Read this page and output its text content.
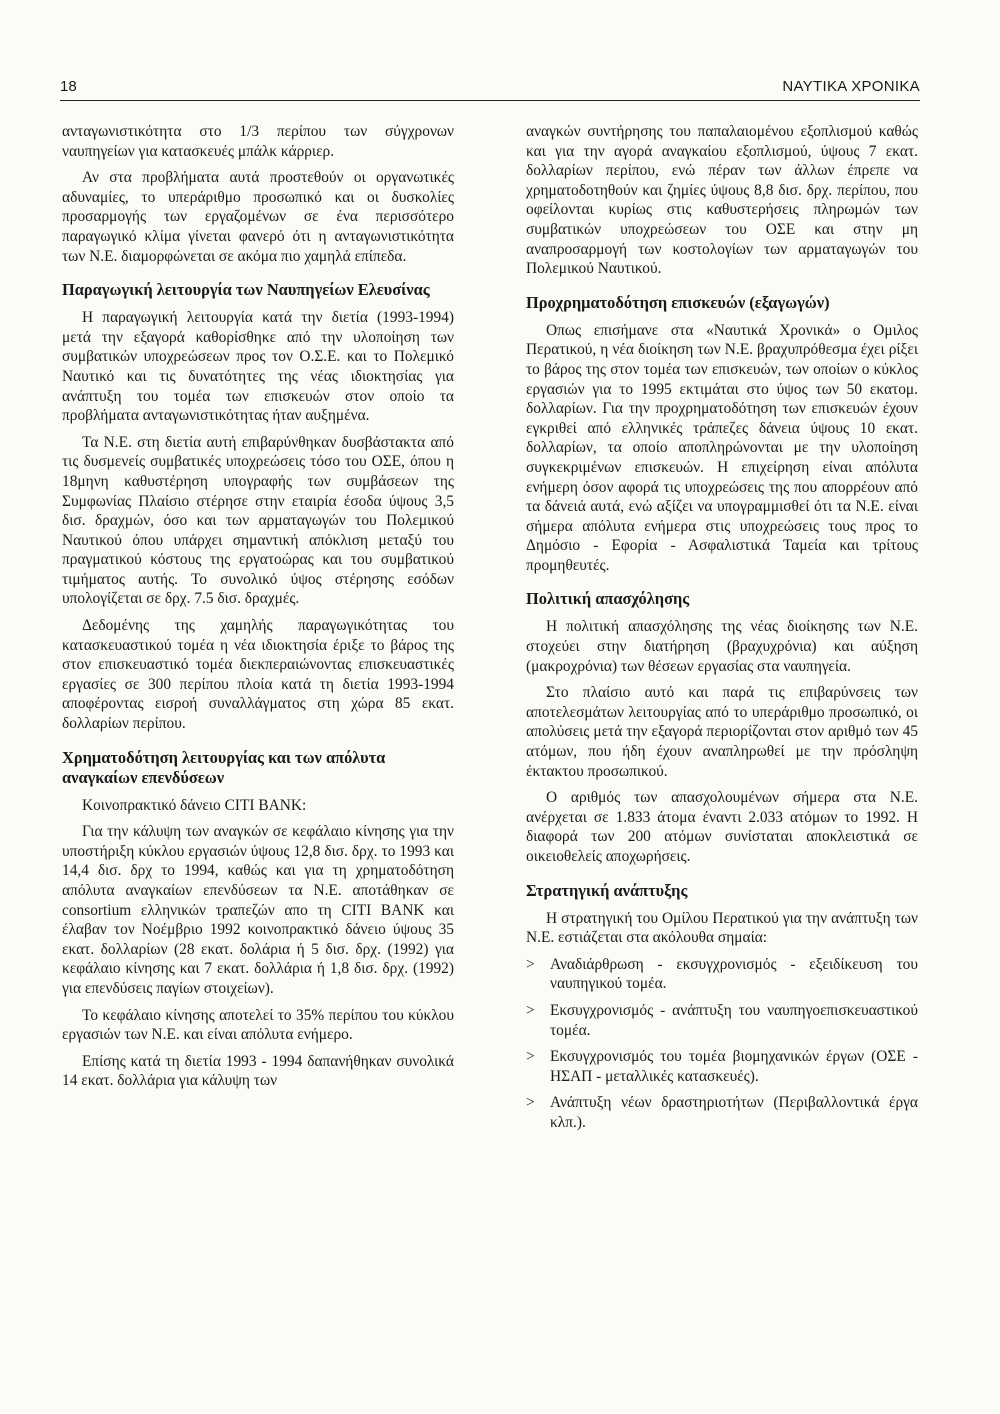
18	ΝΑΥΤΙΚΑ ΧΡΟΝΙΚΑ

ανταγωνιστικότητα στο 1/3 περίπου των σύγχρονων ναυπηγείων για κατασκευές μπάλκ κάρριερ.

Αν στα προβλήματα αυτά προστεθούν οι οργανωτικές αδυναμίες, το υπεράριθμο προσωπικό και οι δυσκολίες προσαρμογής των εργαζομένων σε ένα περισσότερο παραγωγικό κλίμα γίνεται φανερό ότι η ανταγωνιστικότητα των Ν.Ε. διαμορφώνεται σε ακόμα πιο χαμηλά επίπεδα.

Παραγωγική λειτουργία των Ναυπηγείων Ελευσίνας

Η παραγωγική λειτουργία κατά την διετία (1993-1994) μετά την εξαγορά καθορίσθηκε από την υλοποίηση των συμβατικών υποχρεώσεων προς τον Ο.Σ.Ε. και το Πολεμικό Ναυτικό και τις δυνατότητες της νέας ιδιοκτησίας για ανάπτυξη του τομέα των επισκευών στον οποίο τα προβλήματα ανταγωνιστικότητας ήταν αυξημένα.

Τα Ν.Ε. στη διετία αυτή επιβαρύνθηκαν δυσβάστακτα από τις δυσμενείς συμβατικές υποχρεώσεις τόσο του ΟΣΕ, όπου η 18μηνη καθυστέρηση υπογραφής των συμβάσεων της Συμφωνίας Πλαίσιο στέρησε στην εταιρία έσοδα ύψους 3,5 δισ. δραχμών, όσο και των αρματαγωγών του Πολεμικού Ναυτικού όπου υπάρχει σημαντική απόκλιση μεταξύ του πραγματικού κόστους της εργατοώρας και του συμβατικού τιμήματος αυτής. Το συνολικό ύψος στέρησης εσόδων υπολογίζεται σε δρχ. 7.5 δισ. δραχμές.

Δεδομένης της χαμηλής παραγωγικότητας του κατασκευαστικού τομέα η νέα ιδιοκτησία έριξε το βάρος της στον επισκευαστικό τομέα διεκπεραιώνοντας επισκευαστικές εργασίες σε 300 περίπου πλοία κατά τη διετία 1993-1994 αποφέροντας εισροή συναλλάγματος στη χώρα 85 εκατ. δολλαρίων περίπου.

Χρηματοδότηση λειτουργίας και των απόλυτα αναγκαίων επενδύσεων

Κοινοπρακτικό δάνειο CITI BANK:

Για την κάλυψη των αναγκών σε κεφάλαιο κίνησης για την υποστήριξη κύκλου εργασιών ύψους 12,8 δισ. δρχ. το 1993 και 14,4 δισ. δρχ το 1994, καθώς και για τη χρηματοδότηση απόλυτα αναγκαίων επενδύσεων τα Ν.Ε. αποτάθηκαν σε consortium ελληνικών τραπεζών απο τη CITI BANK και έλαβαν τον Νοέμβριο 1992 κοινοπρακτικό δάνειο ύψους 35 εκατ. δολλαρίων (28 εκατ. δολάρια ή 5 δισ. δρχ. (1992) για κεφάλαιο κίνησης και 7 εκατ. δολλάρια ή 1,8 δισ. δρχ. (1992) για επενδύσεις παγίων στοιχείων).

Το κεφάλαιο κίνησης αποτελεί το 35% περίπου του κύκλου εργασιών των Ν.Ε. και είναι απόλυτα ενήμερο.

Επίσης κατά τη διετία 1993 - 1994 δαπανήθηκαν συνολικά 14 εκατ. δολλάρια για κάλυψη των

αναγκών συντήρησης του παπαλαιομένου εξοπλισμού καθώς και για την αγορά αναγκαίου εξοπλισμού, ύψους 7 εκατ. δολλαρίων περίπου, ενώ πέραν των άλλων έπρεπε να χρηματοδοτηθούν και ζημίες ύψους 8,8 δισ. δρχ. περίπου, που οφείλονται κυρίως στις καθυστερήσεις πληρωμών των συμβατικών υποχρεώσεων του ΟΣΕ και στην μη αναπροσαρμογή των κοστολογίων των αρματαγωγών του Πολεμικού Ναυτικού.

Προχρηματοδότηση επισκευών (εξαγωγών)

Οπως επισήμανε στα «Ναυτικά Χρονικά» ο Ομιλος Περατικού, η νέα διοίκηση των Ν.Ε. βραχυπρόθεσμα έχει ρίξει το βάρος της στον τομέα των επισκευών, των οποίων ο κύκλος εργασιών για το 1995 εκτιμάται στο ύψος των 50 εκατομ. δολλαρίων. Για την προχρηματοδότηση των επισκευών έχουν εγκριθεί από ελληνικές τράπεζες δάνεια ύψους 10 εκατ. δολλαρίων, τα οποίο αποπληρώνονται με την υλοποίηση συγκεκριμένων επισκευών. Η επιχείρηση είναι απόλυτα ενήμερη όσον αφορά τις υποχρεώσεις της που απορρέουν από τα δάνειά αυτά, ενώ αξίζει να υπογραμμισθεί ότι τα Ν.Ε. είναι σήμερα απόλυτα ενήμερα στις υποχρεώσεις τους προς το Δημόσιο - Εφορία - Ασφαλιστικά Ταμεία και τρίτους προμηθευτές.

Πολιτική απασχόλησης

Η πολιτική απασχόλησης της νέας διοίκησης των Ν.Ε. στοχεύει στην διατήρηση (βραχυχρόνια) και αύξηση (μακροχρόνια) των θέσεων εργασίας στα ναυπηγεία.

Στο πλαίσιο αυτό και παρά τις επιβαρύνσεις των αποτελεσμάτων λειτουργίας από το υπεράριθμο προσωπικό, οι απολύσεις μετά την εξαγορά περιορίζονται στον αριθμό των 45 ατόμων, που ήδη έχουν αναπληρωθεί με την πρόσληψη έκτακτου προσωπικού.

Ο αριθμός των απασχολουμένων σήμερα στα Ν.Ε. ανέρχεται σε 1.833 άτομα έναντι 2.033 ατόμων το 1992. Η διαφορά των 200 ατόμων συνίσταται αποκλειστικά σε οικειοθελείς αποχωρήσεις.

Στρατηγική ανάπτυξης

Η στρατηγική του Ομίλου Περατικού για την ανάπτυξη των Ν.Ε. εστιάζεται στα ακόλουθα σημαία:

> Αναδιάρθρωση - εκσυγχρονισμός - εξειδίκευση του ναυπηγικού τομέα.
> Εκσυγχρονισμός - ανάπτυξη του ναυπηγοεπισκευαστικού τομέα.
> Εκσυγχρονισμός του τομέα βιομηχανικών έργων (ΟΣΕ - ΗΣΑΠ - μεταλλικές κατασκευές).
> Ανάπτυξη νέων δραστηριοτήτων (Περιβαλλοντικά έργα κλπ.).
